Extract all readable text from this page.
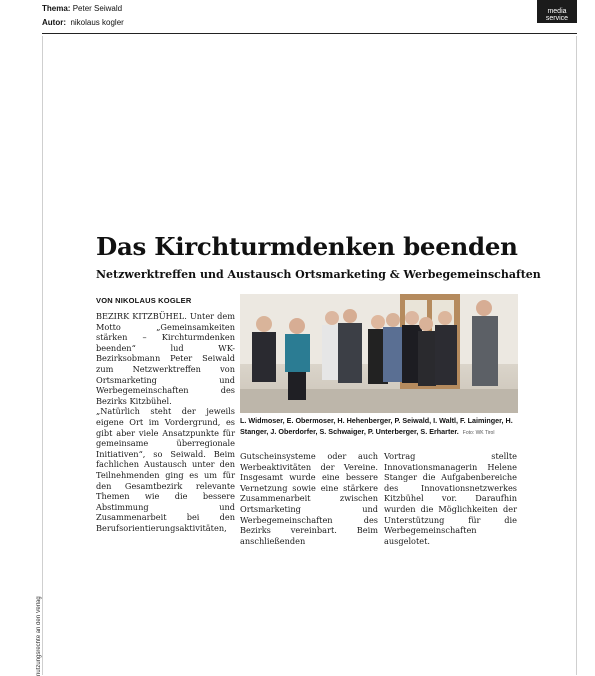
Thema: Peter Seiwald
Autor: nikolaus kogler
media
service
nutzungsrechte an den Verlag
Das Kirchturmdenken beenden
Netzwerktreffen und Austausch Ortsmarketing & Werbegemeinschaften
VON NIKOLAUS KOGLER
BEZIRK KITZBÜHEL. Unter dem Motto „Gemeinsamkeiten stärken – Kirchturmdenken beenden“ lud WK-Bezirksobmann Peter Seiwald zum Netzwerktreffen von Ortsmarketing und Werbegemeinschaften des Bezirks Kitzbühel.
„Natürlich steht der jeweils eigene Ort im Vordergrund, es gibt aber viele Ansatzpunkte für gemeinsame überregionale Initiativen“, so Seiwald. Beim fachlichen Austausch unter den Teilnehmenden ging es um für den Gesamtbezirk relevante Themen wie die bessere Abstimmung und Zusammenarbeit bei den Berufsorientierungsaktivitäten,
L. Widmoser, E. Obermoser, H. Hehenberger, P. Seiwald, I. Waltl, F. Laiminger, H. Stanger, J. Oberdorfer, S. Schwaiger, P. Unterberger, S. Erharter. Foto: WK Tirol
Gutscheinsysteme oder auch Werbeaktivitäten der Vereine. Insgesamt wurde eine bessere Vernetzung sowie eine stärkere Zusammenarbeit zwischen Ortsmarketing und Werbegemeinschaften des Bezirks vereinbart. Beim anschließenden
Vortrag stellte Innovationsmanagerin Helene Stanger die Aufgabenbereiche des Innovationsnetzwerkes Kitzbühel vor. Daraufhin wurden die Möglichkeiten der Unterstützung für die Werbegemeinschaften ausgelotet.
